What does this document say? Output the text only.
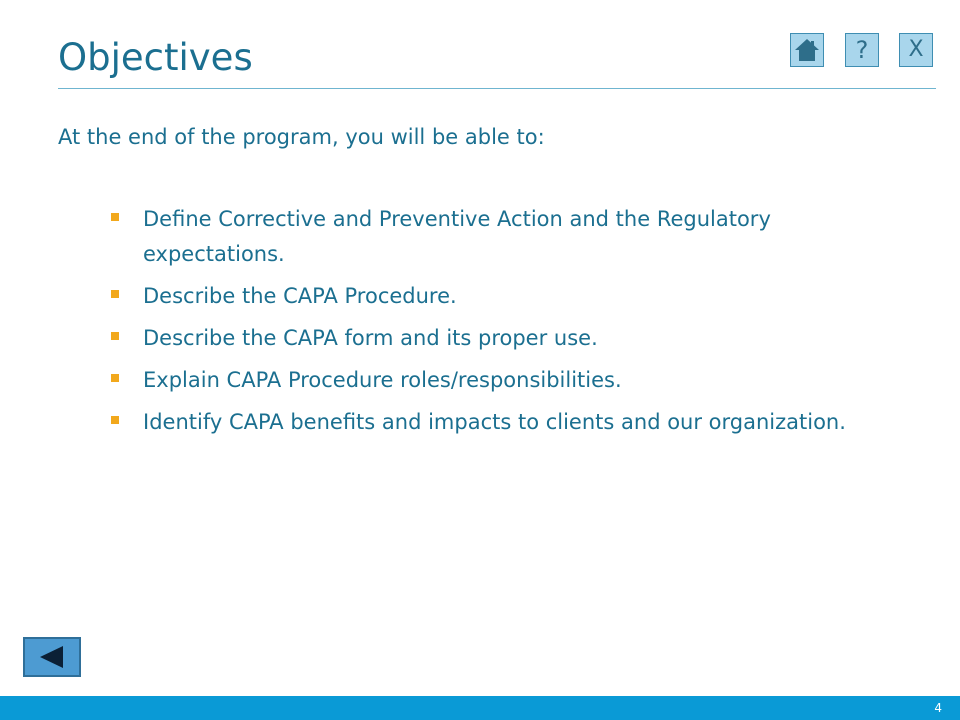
Objectives	? X
At the end of the program, you will be able to:
Define Corrective and Preventive Action and the Regulatory expectations.
Describe the CAPA Procedure.
Describe the CAPA form and its proper use.
Explain CAPA Procedure roles/responsibilities.
Identify CAPA benefits and impacts to clients and our organization.
4
